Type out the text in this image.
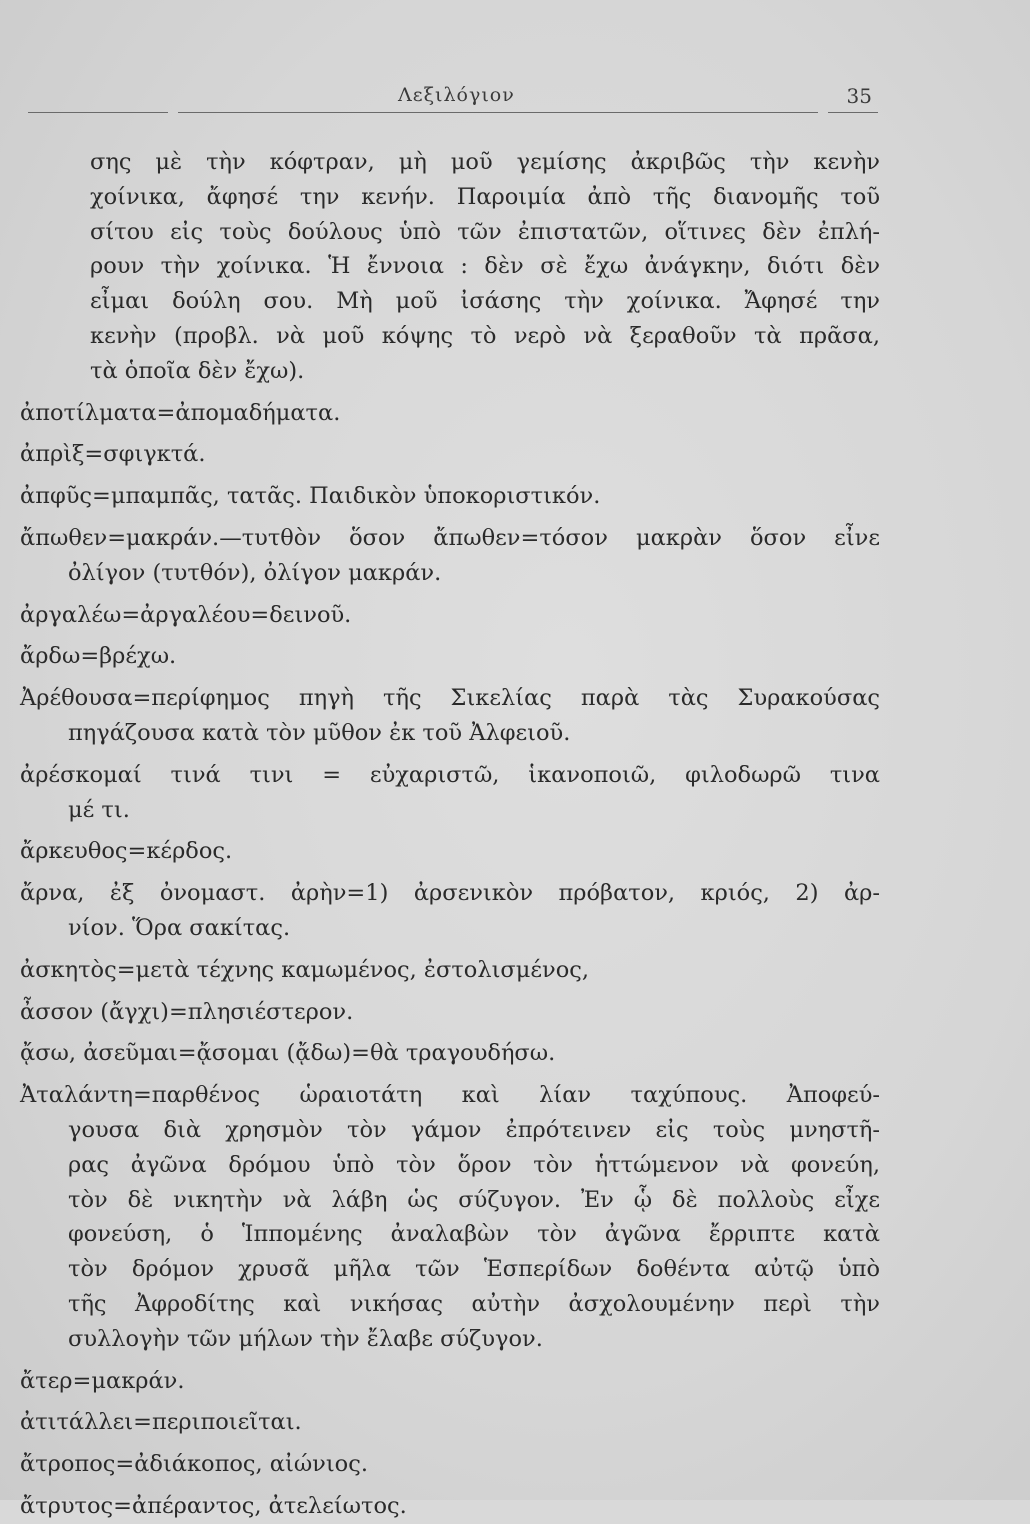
Λεξιλόγιον	35
σης μὲ τὴν κόφτραν, μὴ μοῦ γεμίσης ἀκριβῶς τὴν κενὴν
χοίνικα, ἄφησέ την κενήν. Παροιμία ἀπὸ τῆς διανομῆς τοῦ
σίτου εἰς τοὺς δούλους ὑπὸ τῶν ἐπιστατῶν, οἵτινες δὲν ἐπλή-
ρουν τὴν χοίνικα. Ἡ ἔννοια : δὲν σὲ ἔχω ἀνάγκην, διότι δὲν
εἶμαι δούλη σου. Μὴ μοῦ ἰσάσης τὴν χοίνικα. Ἄφησέ την
κενὴν (προβλ. νὰ μοῦ κόψης τὸ νερὸ νὰ ξεραθοῦν τὰ πρᾶσα,
τὰ ὁποῖα δὲν ἔχω).
ἀποτίλματα=ἀπομαδήματα.
ἀπρὶξ=σφιγκτά.
ἀπφῦς=μπαμπᾶς, τατᾶς. Παιδικὸν ὑποκοριστικόν.
ἄπωθεν=μακράν.—τυτθὸν ὅσον ἄπωθεν=τόσον μακρὰν ὅσον εἶνε
ὀλίγον (τυτθόν), ὀλίγον μακράν.
ἀργαλέω=ἀργαλέου=δεινοῦ.
ἄρδω=βρέχω.
Ἀρέθουσα=περίφημος πηγὴ τῆς Σικελίας παρὰ τὰς Συρακούσας
πηγάζουσα κατὰ τὸν μῦθον ἐκ τοῦ Ἀλφειοῦ.
ἀρέσκομαί τινά τινι = εὐχαριστῶ, ἱκανοποιῶ, φιλοδωρῶ τινα
μέ τι.
ἄρκευθος=κέρδος.
ἄρνα, ἐξ ὀνομαστ. ἀρὴν=1) ἀρσενικὸν πρόβατον, κριός, 2) ἀρ-
νίον. Ὅρα σακίτας.
ἀσκητὸς=μετὰ τέχνης καμωμένος, ἐστολισμένος,
ἆσσον (ἄγχι)=πλησιέστερον.
ᾄσω, ἀσεῦμαι=ᾄσομαι (ᾄδω)=θὰ τραγουδήσω.
Ἀταλάντη=παρθένος ὡραιοτάτη καὶ λίαν ταχύπους. Ἀποφεύ-
γουσα διὰ χρησμὸν τὸν γάμον ἐπρότεινεν εἰς τοὺς μνηστῆ-
ρας ἀγῶνα δρόμου ὑπὸ τὸν ὅρον τὸν ἡττώμενον νὰ φονεύη,
τὸν δὲ νικητὴν νὰ λάβη ὡς σύζυγον. Ἐν ᾧ δὲ πολλοὺς εἶχε
φονεύση, ὁ Ἱππομένης ἀναλαβὼν τὸν ἀγῶνα ἔρριπτε κατὰ
τὸν δρόμον χρυσᾶ μῆλα τῶν Ἑσπερίδων δοθέντα αὐτῷ ὑπὸ
τῆς Ἀφροδίτης καὶ νικήσας αὐτὴν ἀσχολουμένην περὶ τὴν
συλλογὴν τῶν μήλων τὴν ἔλαβε σύζυγον.
ἄτερ=μακράν.
ἀτιτάλλει=περιποιεῖται.
ἄτροπος=ἀδιάκοπος, αἰώνιος.
ἄτρυτος=ἀπέραντος, ἀτελείωτος.
